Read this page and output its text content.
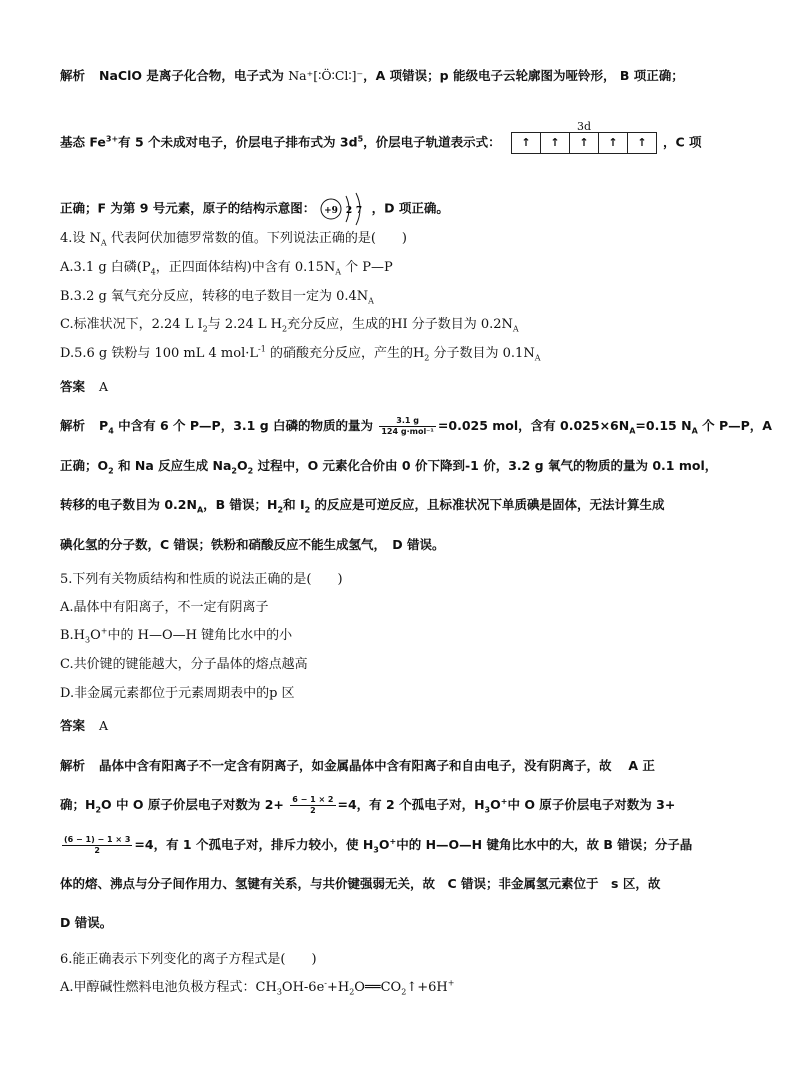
解析 NaClO 是离子化合物，电子式为 Na⁺[∶Ö∶Cl∶]⁻，A 项错误；p 能级电子云轮廓图为哑铃形， B 项正确；
基态 $Fe^{3+}$有 5 个未成对电子，价层电子排布式为 $3d^5$，价层电子轨道表示式：
3d
↑	↑	↑	↑	↑	，C 项
正确；F 为第 9 号元素，原子的结构示意图： +9 2 7 ，D 项正确。
4.设 $N_A$ 代表阿伏加德罗常数的值。下列说法正确的是(　　)
A.3.1 g 白磷($P_4$，正四面体结构)中含有 $0.15N_A$ 个 P—P
B.3.2 g 氧气充分反应，转移的电子数目一定为 $0.4N_A$
C.标准状况下，2.24 L $I_2$与 2.24 L $H_2$充分反应，生成的HI 分子数目为 $0.2N_A$
D.5.6 g 铁粉与 100 mL 4 $mol\cdot L^{-1}$ 的硝酸充分反应，产生的$H_2$ 分子数目为 $0.1N_A$
答案 A
解析 $P_4$ 中含有 6 个 P—P，3.1 g 白磷的物质的量为 $\frac{3.1 g}{\text{124 g·mol⁻¹}} =0.025$ mol，含有 $0.025\times 6N_A=0.15$ $N_A$ 个 P—P，A
正确；$O_2$ 和 Na 反应生成 $Na_2O_2$ 过程中，O 元素化合价由 0 价下降到-1 价，3.2 g 氧气的物质的量为 0.1 mol，
转移的电子数目为 $0.2N_A$，B 错误；$H_2$和 $I_2$ 的反应是可逆反应，且标准状况下单质碘是固体，无法计算生成
碘化氢的分子数，C 错误；铁粉和硝酸反应不能生成氢气，　D 错误。
5.下列有关物质结构和性质的说法正确的是(　　)
A.晶体中有阳离子，不一定有阴离子
$B.H_3O^+$中的 H—O—H 键角比水中的小
C.共价键的键能越大，分子晶体的熔点越高
D.非金属元素都位于元素周期表中的p 区
答案 A
解析 晶体中含有阳离子不一定含有阴离子，如金属晶体中含有阳离子和自由电子，没有阴离子，故　 A 正
确；$H_2O$ 中 O 原子价层电子对数为 $2+ \frac{6 - 1 \times 2}{2} =4$，有 2 个孤电子对，$H_3O^+$中 O 原子价层电子对数为 3+
$\frac{(6 - 1) - 1 \times 3}{2} =4$，有 1 个孤电子对，排斥力较小，使 $H_3O^+$中的 H—O—H 键角比水中的大，故 B 错误；分子晶
体的熔、沸点与分子间作用力、氢键有关系，与共价键强弱无关，故　C 错误；非金属氢元素位于　s 区，故
D 错误。
6.能正确表示下列变化的离子方程式是(　　)
A.甲醇碱性燃料电池负极方程式：$CH_3OH-6e^-+H_2O══CO_2↑+6H^+$
